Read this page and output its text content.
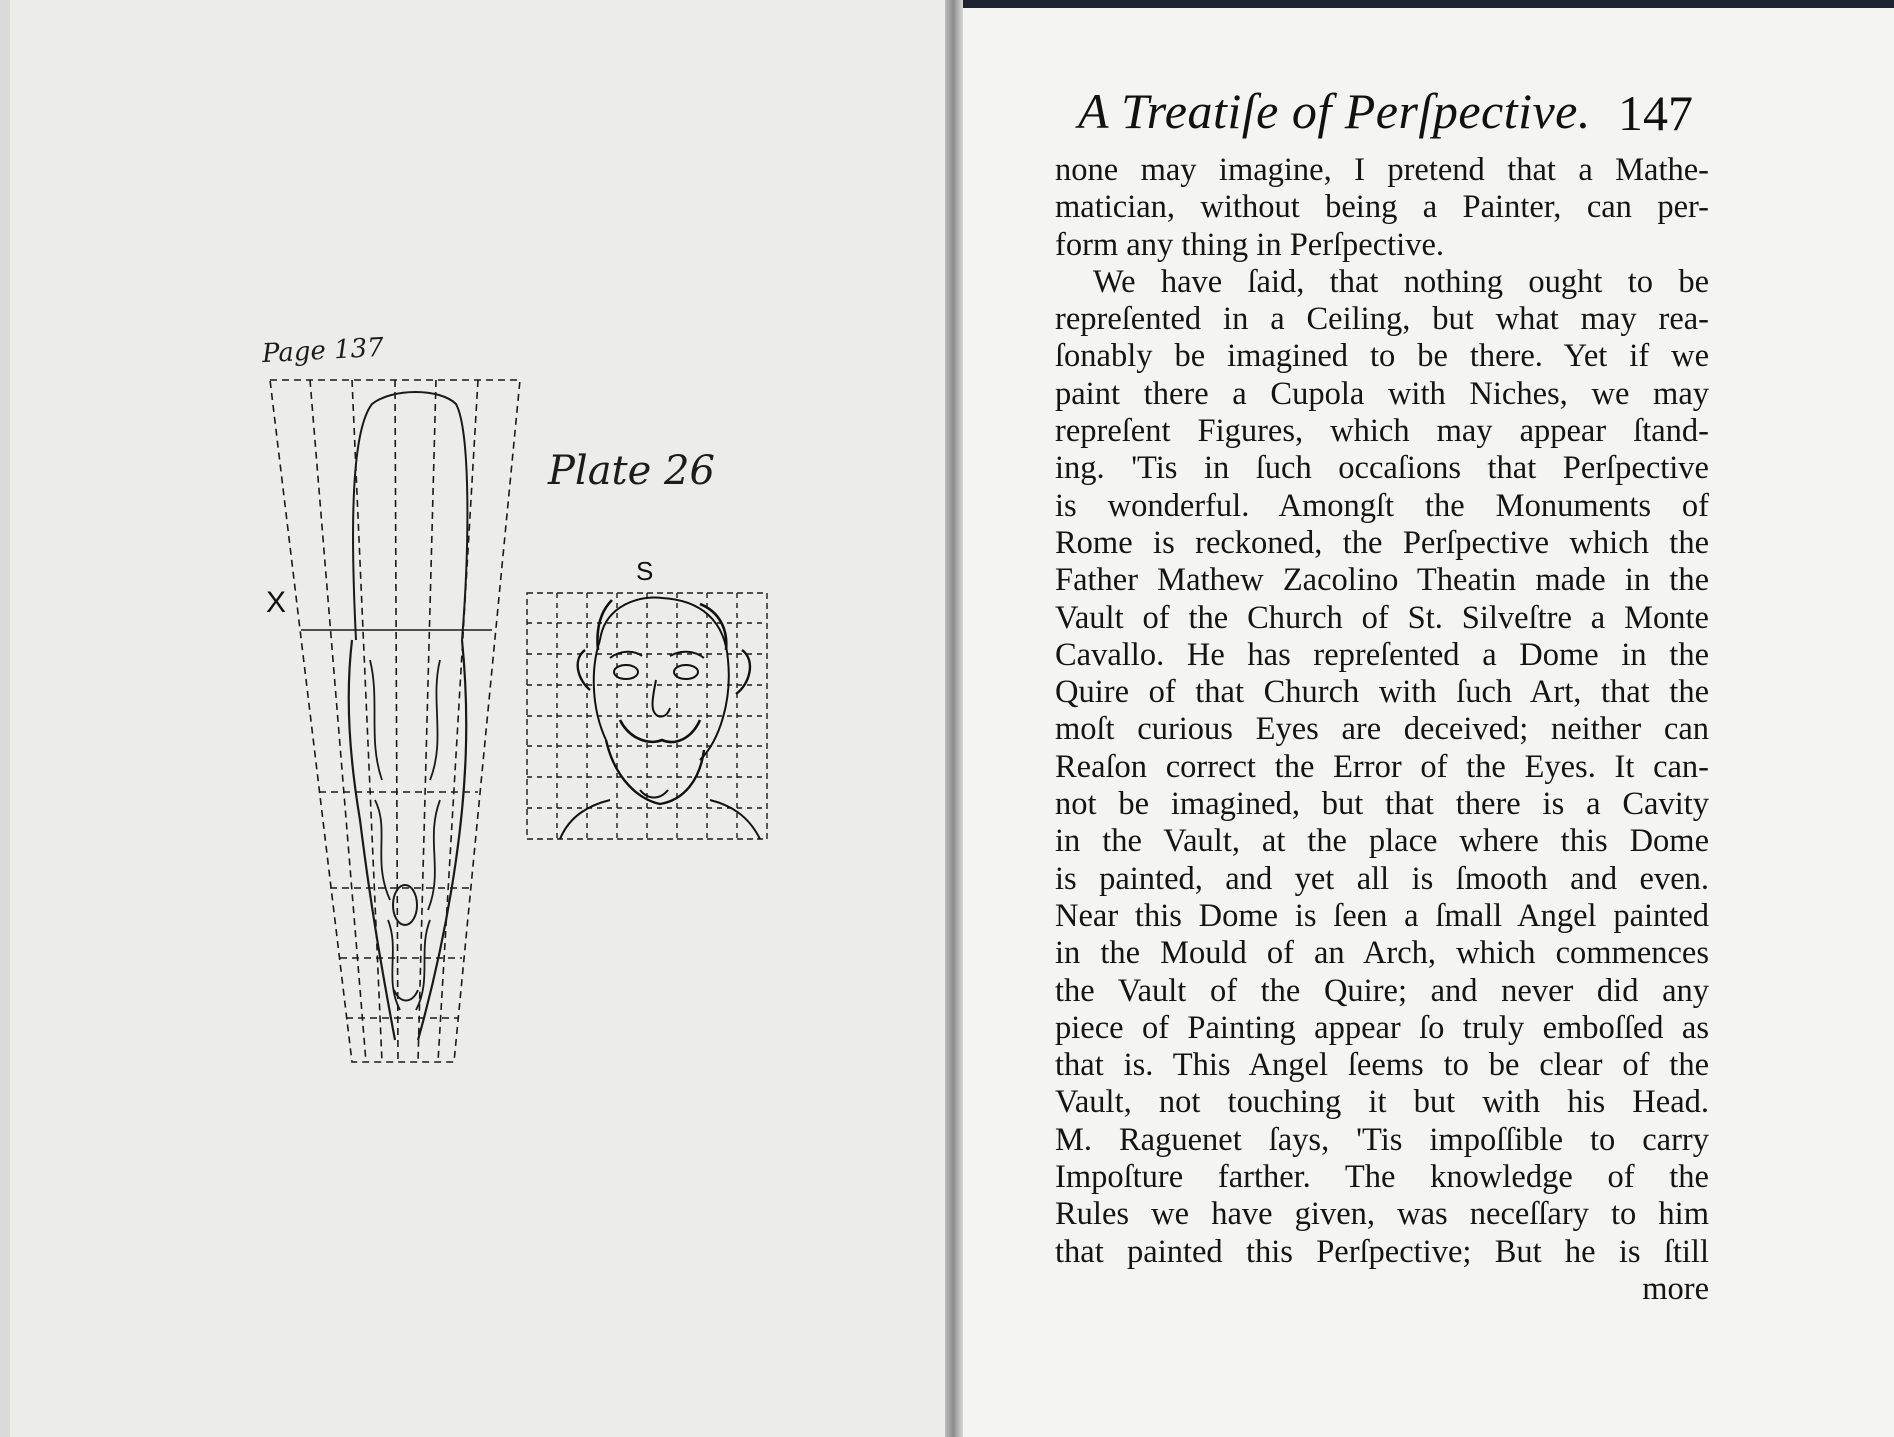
Page 137
Plate 26
X
S
A Treatiſe of Perſpective. 147
none may imagine, I pretend that a Mathe-
matician, without being a Painter, can per-
form any thing in Perſpective.
We have ſaid, that nothing ought to be
repreſented in a Ceiling, but what may rea-
ſonably be imagined to be there. Yet if we
paint there a Cupola with Niches, we may
repreſent Figures, which may appear ſtand-
ing. 'Tis in ſuch occaſions that Perſpective
is wonderful. Amongſt the Monuments of
Rome is reckoned, the Perſpective which the
Father Mathew Zacolino Theatin made in the
Vault of the Church of St. Silveſtre a Monte
Cavallo. He has repreſented a Dome in the
Quire of that Church with ſuch Art, that the
moſt curious Eyes are deceived; neither can
Reaſon correct the Error of the Eyes. It can-
not be imagined, but that there is a Cavity
in the Vault, at the place where this Dome
is painted, and yet all is ſmooth and even.
Near this Dome is ſeen a ſmall Angel painted
in the Mould of an Arch, which commences
the Vault of the Quire; and never did any
piece of Painting appear ſo truly emboſſed as
that is. This Angel ſeems to be clear of the
Vault, not touching it but with his Head.
M. Raguenet ſays, 'Tis impoſſible to carry
Impoſture farther. The knowledge of the
Rules we have given, was neceſſary to him
that painted this Perſpective; But he is ſtill
more
